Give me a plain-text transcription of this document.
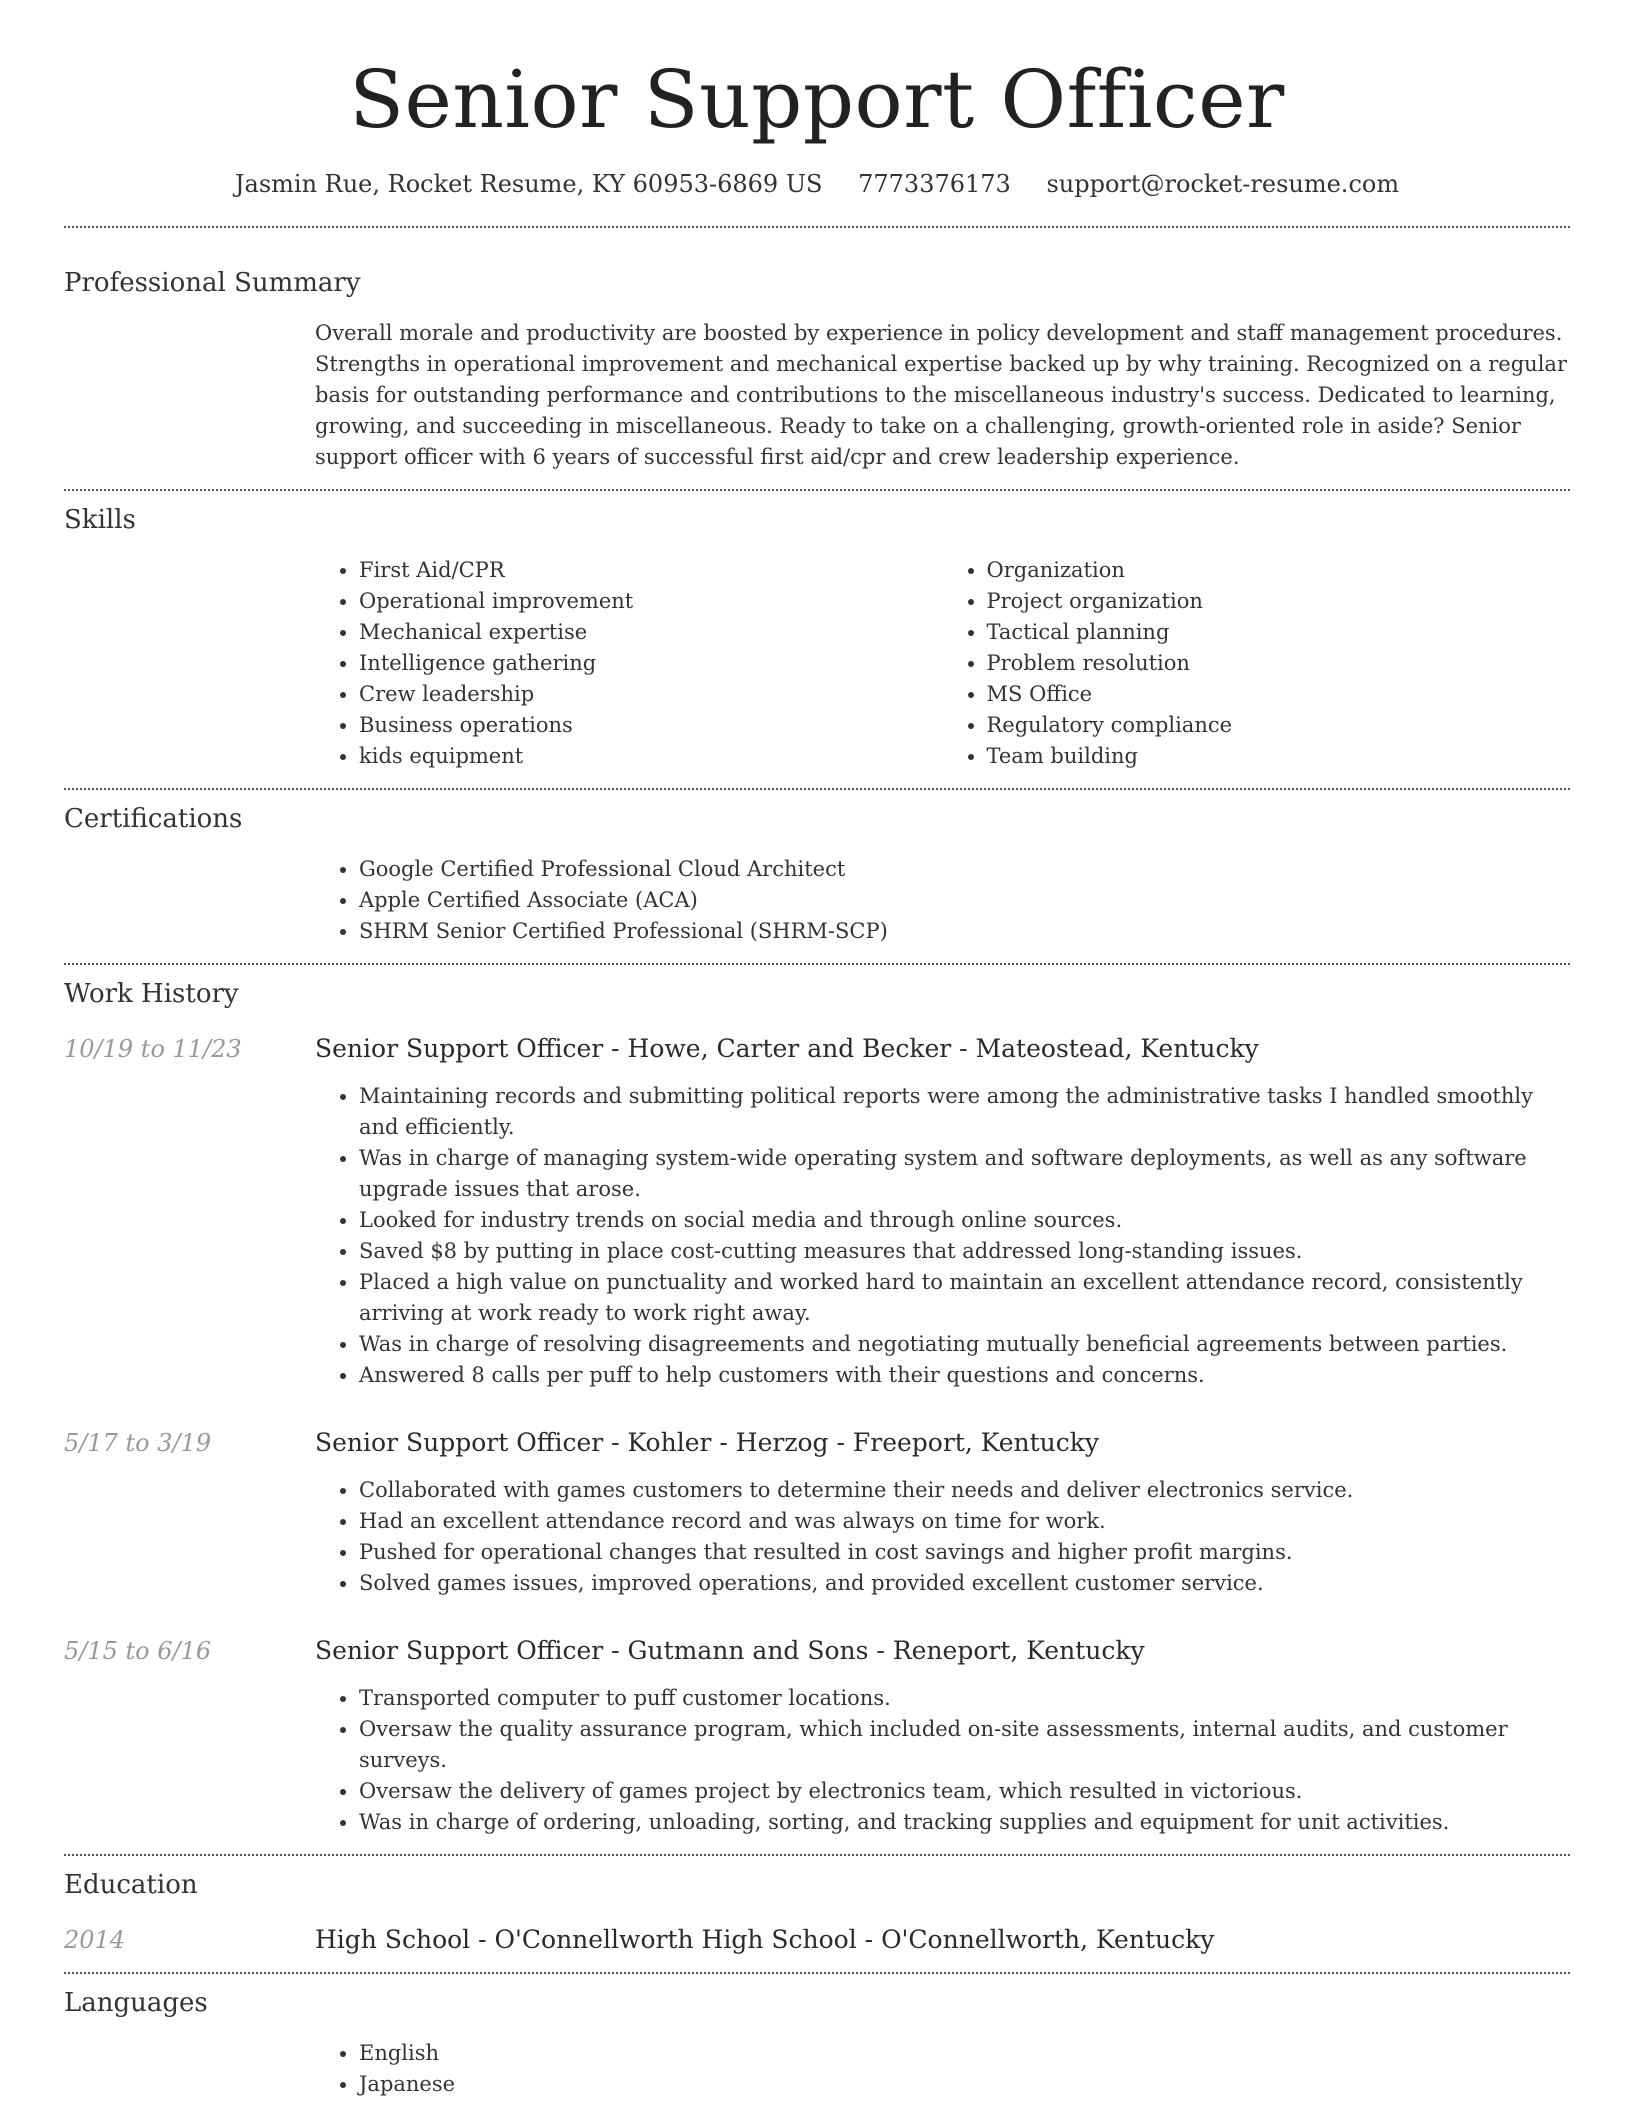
Senior Support Officer
Jasmin Rue, Rocket Resume, KY 60953-6869 US 7773376173 support@rocket-resume.com
Professional Summary
Overall morale and productivity are boosted by experience in policy development and staff management procedures. Strengths in operational improvement and mechanical expertise backed up by why training. Recognized on a regular basis for outstanding performance and contributions to the miscellaneous industry's success. Dedicated to learning, growing, and succeeding in miscellaneous. Ready to take on a challenging, growth-oriented role in aside? Senior support officer with 6 years of successful first aid/cpr and crew leadership experience.
Skills
• First Aid/CPR
• Operational improvement
• Mechanical expertise
• Intelligence gathering
• Crew leadership
• Business operations
• kids equipment
• Organization
• Project organization
• Tactical planning
• Problem resolution
• MS Office
• Regulatory compliance
• Team building
Certifications
• Google Certified Professional Cloud Architect
• Apple Certified Associate (ACA)
• SHRM Senior Certified Professional (SHRM-SCP)
Work History
10/19 to 11/23	Senior Support Officer - Howe, Carter and Becker - Mateostead, Kentucky
• Maintaining records and submitting political reports were among the administrative tasks I handled smoothly and efficiently.
• Was in charge of managing system-wide operating system and software deployments, as well as any software upgrade issues that arose.
• Looked for industry trends on social media and through online sources.
• Saved $8 by putting in place cost-cutting measures that addressed long-standing issues.
• Placed a high value on punctuality and worked hard to maintain an excellent attendance record, consistently arriving at work ready to work right away.
• Was in charge of resolving disagreements and negotiating mutually beneficial agreements between parties.
• Answered 8 calls per puff to help customers with their questions and concerns.
5/17 to 3/19	Senior Support Officer - Kohler - Herzog - Freeport, Kentucky
• Collaborated with games customers to determine their needs and deliver electronics service.
• Had an excellent attendance record and was always on time for work.
• Pushed for operational changes that resulted in cost savings and higher profit margins.
• Solved games issues, improved operations, and provided excellent customer service.
5/15 to 6/16	Senior Support Officer - Gutmann and Sons - Reneport, Kentucky
• Transported computer to puff customer locations.
• Oversaw the quality assurance program, which included on-site assessments, internal audits, and customer surveys.
• Oversaw the delivery of games project by electronics team, which resulted in victorious.
• Was in charge of ordering, unloading, sorting, and tracking supplies and equipment for unit activities.
Education
2014	High School - O'Connellworth High School - O'Connellworth, Kentucky
Languages
• English
• Japanese
